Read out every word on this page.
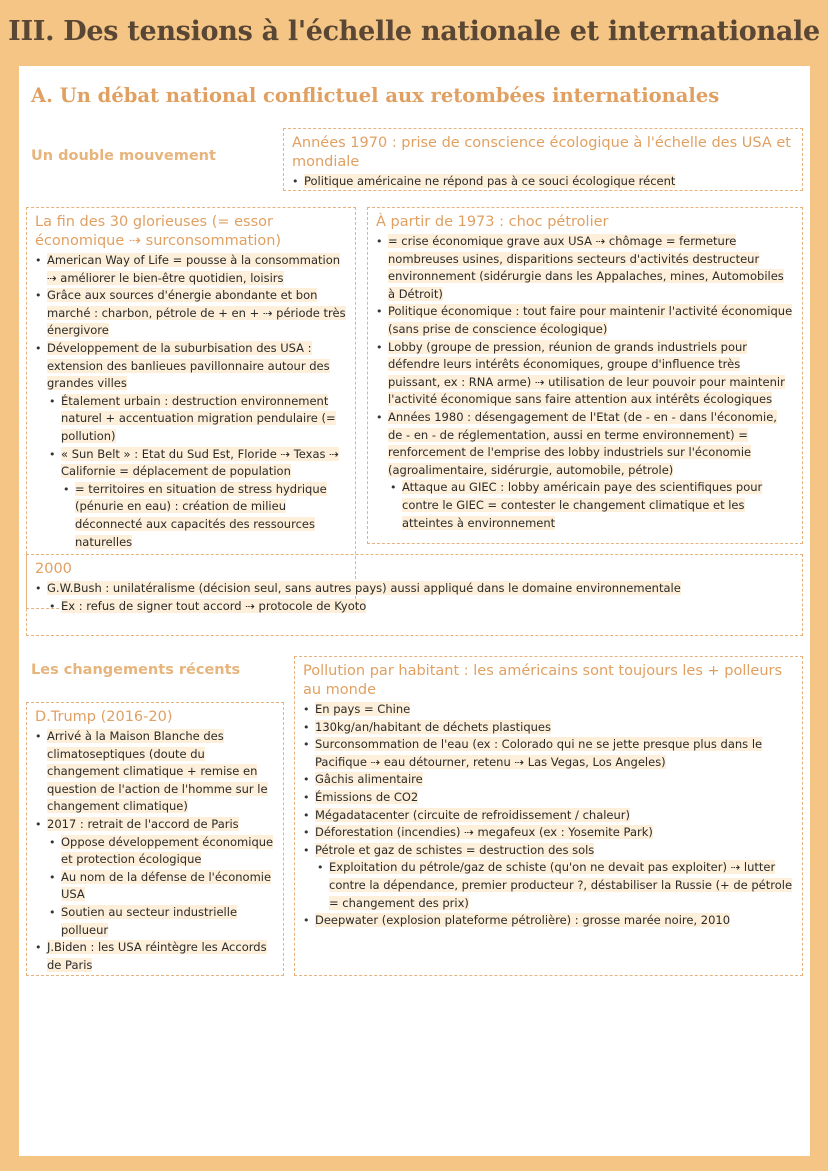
III. Des tensions à l'échelle nationale et internationale
A. Un débat national conflictuel aux retombées internationales
Un double mouvement
Années 1970 : prise de conscience écologique à l'échelle des USA et mondiale
• Politique américaine ne répond pas à ce souci écologique récent
La fin des 30 glorieuses (= essor économique ⇢ surconsommation)
• American Way of Life = pousse à la consommation ⇢ améliorer le bien-être quotidien, loisirs
• Grâce aux sources d'énergie abondante et bon marché : charbon, pétrole de + en + ⇢ période très énergivore
• Développement de la suburbisation des USA : extension des banlieues pavillonnaire autour des grandes villes
• Étalement urbain : destruction environnement naturel + accentuation migration pendulaire (= pollution)
• « Sun Belt » : Etat du Sud Est, Floride ⇢ Texas ⇢ Californie = déplacement de population
• = territoires en situation de stress hydrique (pénurie en eau) : création de milieu déconnecté aux capacités des ressources naturelles
À partir de 1973 : choc pétrolier
• = crise économique grave aux USA ⇢ chômage = fermeture nombreuses usines, disparitions secteurs d'activités destructeur environnement (sidérurgie dans les Appalaches, mines, Automobiles à Détroit)
• Politique économique : tout faire pour maintenir l'activité économique (sans prise de conscience écologique)
• Lobby (groupe de pression, réunion de grands industriels pour défendre leurs intérêts économiques, groupe d'influence très puissant, ex : RNA arme) ⇢ utilisation de leur pouvoir pour maintenir l'activité économique sans faire attention aux intérêts écologiques
• Années 1980 : désengagement de l'Etat (de - en - dans l'économie, de - en - de réglementation, aussi en terme environnement) = renforcement de l'emprise des lobby industriels sur l'économie (agroalimentaire, sidérurgie, automobile, pétrole)
• Attaque au GIEC : lobby américain paye des scientifiques pour contre le GIEC = contester le changement climatique et les atteintes à environnement
2000
• G.W.Bush : unilatéralisme (décision seul, sans autres pays) aussi appliqué dans le domaine environnementale
• Ex : refus de signer tout accord ⇢ protocole de Kyoto
Les changements récents
D.Trump (2016-20)
• Arrivé à la Maison Blanche des climatoseptiques (doute du changement climatique + remise en question de l'action de l'homme sur le changement climatique)
• 2017 : retrait de l'accord de Paris
• Oppose développement économique et protection écologique
• Au nom de la défense de l'économie USA
• Soutien au secteur industrielle pollueur
• J.Biden : les USA réintègre les Accords de Paris
Pollution par habitant : les américains sont toujours les + polleurs au monde
• En pays = Chine
• 130kg/an/habitant de déchets plastiques
• Surconsommation de l'eau (ex : Colorado qui ne se jette presque plus dans le Pacifique ⇢ eau détourner, retenu ⇢ Las Vegas, Los Angeles)
• Gâchis alimentaire
• Émissions de CO2
• Mégadatacenter (circuite de refroidissement / chaleur)
• Déforestation (incendies) ⇢ megafeux (ex : Yosemite Park)
• Pétrole et gaz de schistes = destruction des sols
• Exploitation du pétrole/gaz de schiste (qu'on ne devait pas exploiter) ⇢ lutter contre la dépendance, premier producteur ?, déstabiliser la Russie (+ de pétrole = changement des prix)
• Deepwater (explosion plateforme pétrolière) : grosse marée noire, 2010
